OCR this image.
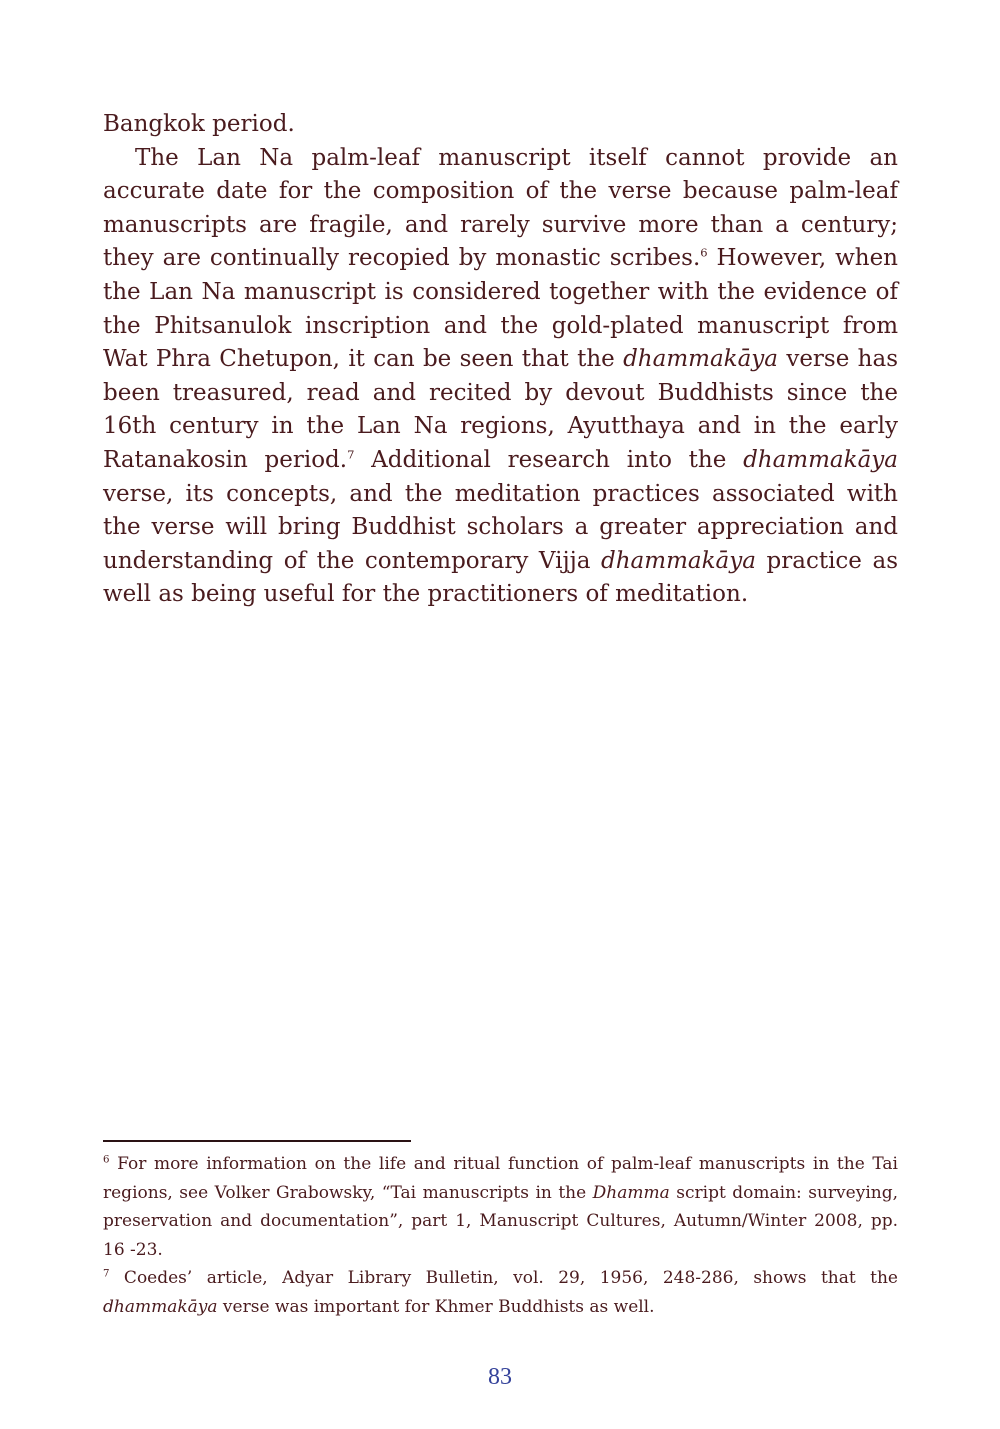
Bangkok period.

The Lan Na palm-leaf manuscript itself cannot provide an accurate date for the composition of the verse because palm-leaf manuscripts are fragile, and rarely survive more than a century; they are continually recopied by monastic scribes.$^6$ However, when the Lan Na manuscript is considered together with the evidence of the Phitsanulok inscription and the gold-plated manuscript from Wat Phra Chetupon, it can be seen that the dhammakāya verse has been treasured, read and recited by devout Buddhists since the 16th century in the Lan Na regions, Ayutthaya and in the early Ratanakosin period.$^7$ Additional research into the dhammakāya verse, its concepts, and the meditation practices associated with the verse will bring Buddhist scholars a greater appreciation and understanding of the contemporary Vijja dhammakāya practice as well as being useful for the practitioners of meditation.

$^6$ For more information on the life and ritual function of palm-leaf manuscripts in the Tai regions, see Volker Grabowsky, “Tai manuscripts in the Dhamma script domain: surveying, preservation and documentation”, part 1, Manuscript Cultures, Autumn/Winter 2008, pp. 16 -23.

$^7$ Coedes’ article, Adyar Library Bulletin, vol. 29, 1956, 248-286, shows that the dhammakāya verse was important for Khmer Buddhists as well.

83
